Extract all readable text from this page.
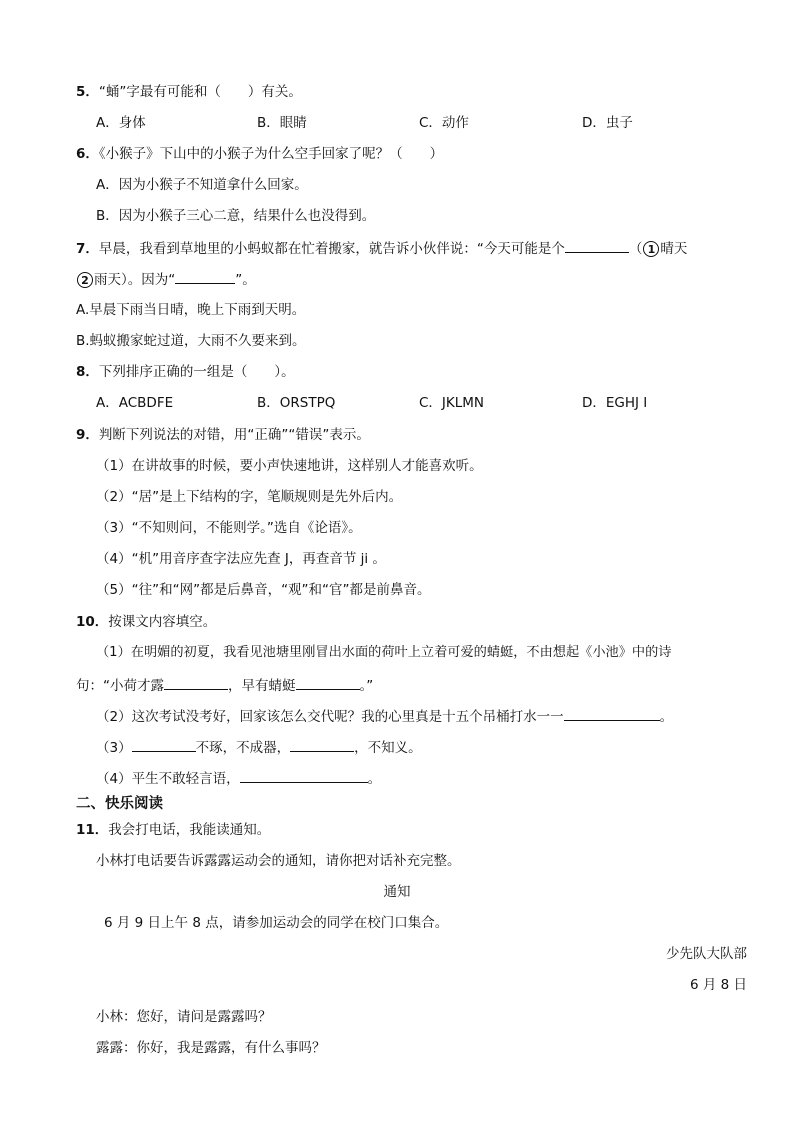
5．“蛹”字最有可能和（　　）有关。
A．身体	B．眼睛	C．动作	D．虫子
6．《小猴子》下山中的小猴子为什么空手回家了呢？（　　）
A．因为小猴子不知道拿什么回家。
B．因为小猴子三心二意，结果什么也没得到。
7．早晨，我看到草地里的小蚂蚁都在忙着搬家，就告诉小伙伴说：“今天可能是个	（ 1 晴天
2 雨天）。因为“	”。
A.早晨下雨当日晴，晚上下雨到天明。
B.蚂蚁搬家蛇过道，大雨不久要来到。
8．下列排序正确的一组是（　　）。
A．ACBDFE	B．ORSTPQ	C．JKLMN	D．EGHJ I
9．判断下列说法的对错，用“正确”“错误”表示。
（1）在讲故事的时候，要小声快速地讲，这样别人才能喜欢听。
（2）“居”是上下结构的字，笔顺规则是先外后内。
（3）“不知则问，不能则学。”选自《论语》。
（4）“机”用音序查字法应先查 J，再查音节 ji 。
（5）“往”和“网”都是后鼻音，“观”和“官”都是前鼻音。
10．按课文内容填空。
（1）在明媚的初夏，我看见池塘里刚冒出水面的荷叶上立着可爱的蜻蜓，不由想起《小池》中的诗
句：“小荷才露	，早有蜻蜓	。”
（2）这次考试没考好，回家该怎么交代呢？我的心里真是十五个吊桶打水一一	。
（3）	不琢，不成器，	，不知义。
（4）平生不敢轻言语，	。
二、快乐阅读
11．我会打电话，我能读通知。
小林打电话要告诉露露运动会的通知，请你把对话补充完整。
通知
6 月 9 日上午 8 点，请参加运动会的同学在校门口集合。
少先队大队部
6 月 8 日
小林：您好，请问是露露吗？
露露：你好，我是露露，有什么事吗？
